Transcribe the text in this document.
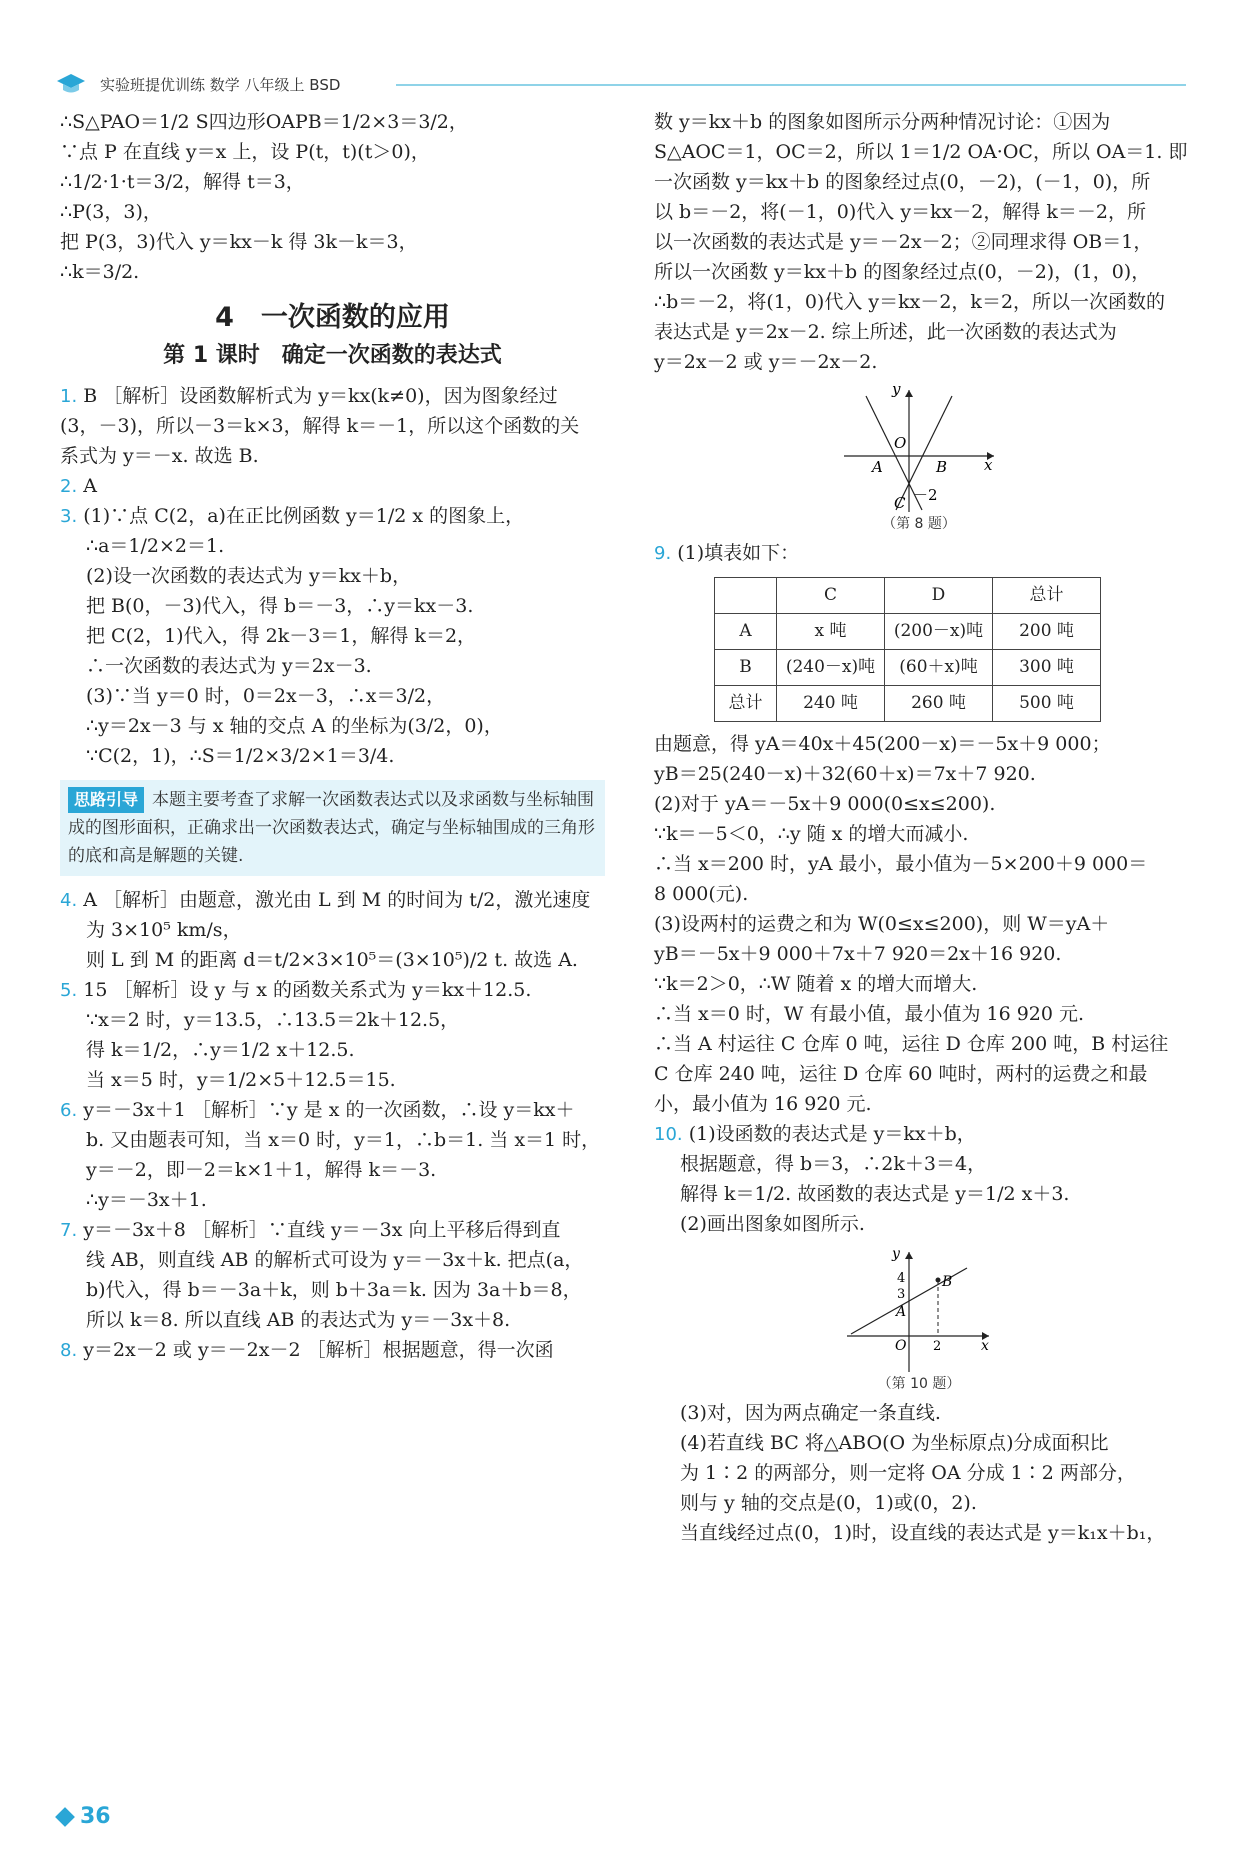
实验班提优训练 数学 八年级上 BSD
∴S△PAO＝1/2 S四边形OAPB＝1/2×3＝3/2，
∵点 P 在直线 y＝x 上，设 P(t，t)(t＞0)，
∴1/2·1·t＝3/2，解得 t＝3，
∴P(3，3)，
把 P(3，3)代入 y＝kx－k 得 3k－k＝3，
∴k＝3/2.
4　一次函数的应用
第 1 课时　确定一次函数的表达式
1. B ［解析］设函数解析式为 y＝kx(k≠0)，因为图象经过
(3，－3)，所以－3＝k×3，解得 k＝－1，所以这个函数的关
系式为 y＝－x. 故选 B.
2. A
3. (1)∵点 C(2，a)在正比例函数 y＝1/2 x 的图象上，
∴a＝1/2×2＝1.
(2)设一次函数的表达式为 y＝kx＋b，
把 B(0，－3)代入，得 b＝－3，∴y＝kx－3.
把 C(2，1)代入，得 2k－3＝1，解得 k＝2，
∴一次函数的表达式为 y＝2x－3.
(3)∵当 y＝0 时，0＝2x－3，∴x＝3/2，
∴y＝2x－3 与 x 轴的交点 A 的坐标为(3/2，0)，
∵C(2，1)，∴S＝1/2×3/2×1＝3/4.
思路引导 本题主要考查了求解一次函数表达式以及求函数与坐标轴围成的图形面积，正确求出一次函数表达式，确定与坐标轴围成的三角形的底和高是解题的关键.
4. A ［解析］由题意，激光由 L 到 M 的时间为 t/2，激光速度
为 3×10⁵ km/s，
则 L 到 M 的距离 d＝t/2×3×10⁵＝(3×10⁵)/2 t. 故选 A.
5. 15 ［解析］设 y 与 x 的函数关系式为 y＝kx＋12.5.
∵x＝2 时，y＝13.5，∴13.5＝2k＋12.5，
得 k＝1/2，∴y＝1/2 x＋12.5.
当 x＝5 时，y＝1/2×5＋12.5＝15.
6. y＝－3x＋1 ［解析］∵y 是 x 的一次函数，∴设 y＝kx＋
b. 又由题表可知，当 x＝0 时，y＝1，∴b＝1. 当 x＝1 时，
y＝－2，即－2＝k×1＋1，解得 k＝－3.
∴y＝－3x＋1.
7. y＝－3x＋8 ［解析］∵直线 y＝－3x 向上平移后得到直
线 AB，则直线 AB 的解析式可设为 y＝－3x＋k. 把点(a，
b)代入，得 b＝－3a＋k，则 b＋3a＝k. 因为 3a＋b＝8，
所以 k＝8. 所以直线 AB 的表达式为 y＝－3x＋8.
8. y＝2x－2 或 y＝－2x－2 ［解析］根据题意，得一次函
数 y＝kx＋b 的图象如图所示分两种情况讨论：①因为
S△AOC＝1，OC＝2，所以 1＝1/2 OA·OC，所以 OA＝1. 即
一次函数 y＝kx＋b 的图象经过点(0，－2)，(－1，0)，所
以 b＝－2，将(－1，0)代入 y＝kx－2，解得 k＝－2，所
以一次函数的表达式是 y＝－2x－2；②同理求得 OB＝1，
所以一次函数 y＝kx＋b 的图象经过点(0，－2)，(1，0)，
∴b＝－2，将(1，0)代入 y＝kx－2，k＝2，所以一次函数的
表达式是 y＝2x－2. 综上所述，此一次函数的表达式为
y＝2x－2 或 y＝－2x－2.
y
x
O
A	B
C －2
（第 8 题）
9. (1)填表如下：
	C	D	总计
A	x 吨	(200－x)吨	200 吨
B	(240－x)吨	(60＋x)吨	300 吨
总计	240 吨	260 吨	500 吨
由题意，得 yA＝40x＋45(200－x)＝－5x＋9 000；
yB＝25(240－x)＋32(60＋x)＝7x＋7 920.
(2)对于 yA＝－5x＋9 000(0≤x≤200).
∵k＝－5＜0，∴y 随 x 的增大而减小.
∴当 x＝200 时，yA 最小，最小值为－5×200＋9 000＝
8 000(元).
(3)设两村的运费之和为 W(0≤x≤200)，则 W＝yA＋
yB＝－5x＋9 000＋7x＋7 920＝2x＋16 920.
∵k＝2＞0，∴W 随着 x 的增大而增大.
∴当 x＝0 时，W 有最小值，最小值为 16 920 元.
∴当 A 村运往 C 仓库 0 吨，运往 D 仓库 200 吨，B 村运往
C 仓库 240 吨，运往 D 仓库 60 吨时，两村的运费之和最
小，最小值为 16 920 元.
10. (1)设函数的表达式是 y＝kx＋b，
根据题意，得 b＝3，∴2k＋3＝4，
解得 k＝1/2. 故函数的表达式是 y＝1/2 x＋3.
(2)画出图象如图所示.
y
x
O
4
3
2
A
B
（第 10 题）
(3)对，因为两点确定一条直线.
(4)若直线 BC 将△ABO(O 为坐标原点)分成面积比
为 1∶2 的两部分，则一定将 OA 分成 1∶2 两部分，
则与 y 轴的交点是(0，1)或(0，2).
当直线经过点(0，1)时，设直线的表达式是 y＝k₁x＋b₁，
36
